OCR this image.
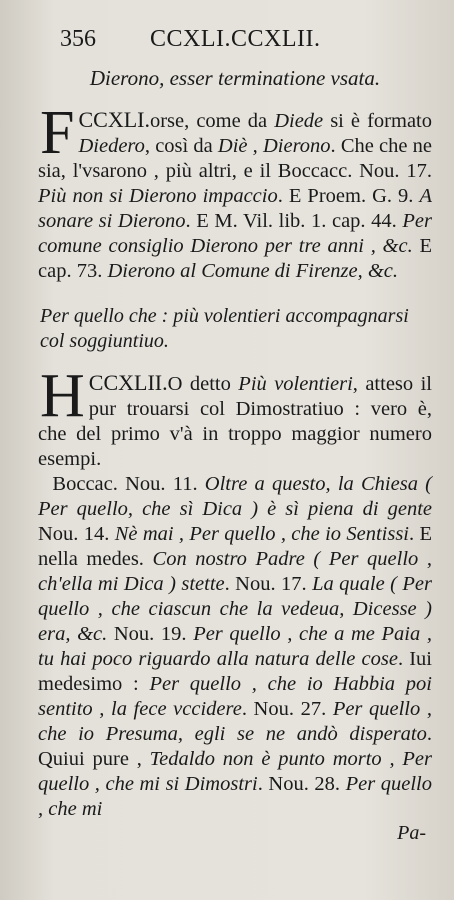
356 CCXLI.CCXLII.
Dierono, esser terminatione vsata.
CCXLI.
F	orse, come da Diede si è formato Diedero, così da Diè , Dierono. Che che ne sia, l'vsarono , più altri, e il Boccacc. Nou. 17. Più non si Dierono impaccio. E Proem. G. 9. A sonare si Dierono. E M. Vil. lib. 1. cap. 44. Per comune consiglio Dierono per tre anni , &c. E cap. 73. Dierono al Comune di Firenze, &c.
Per quello che : più volentieri accompagnarsi col soggiuntiuo.
CCXLII.
H	O detto Più volentieri, atteso il pur trouarsi col Dimostratiuo : vero è, che del primo v'à in troppo maggior numero esempi.
Boccac. Nou. 11. Oltre a questo, la Chiesa ( Per quello, che sì Dica ) è sì piena di gente Nou. 14. Nè mai , Per quello , che io Sentissi. E nella medes. Con nostro Padre ( Per quello , ch'ella mi Dica ) stette. Nou. 17. La quale ( Per quello , che ciascun che la vedeua, Dicesse ) era, &c. Nou. 19. Per quello , che a me Paia , tu hai poco riguardo alla natura delle cose. Iui medesimo : Per quello , che io Habbia poi sentito , la fece vccidere. Nou. 27. Per quello , che io Presuma, egli se ne andò disperato. Quiui pure , Tedaldo non è punto morto , Per quello , che mi si Dimostri. Nou. 28. Per quello , che mi
Pa-
